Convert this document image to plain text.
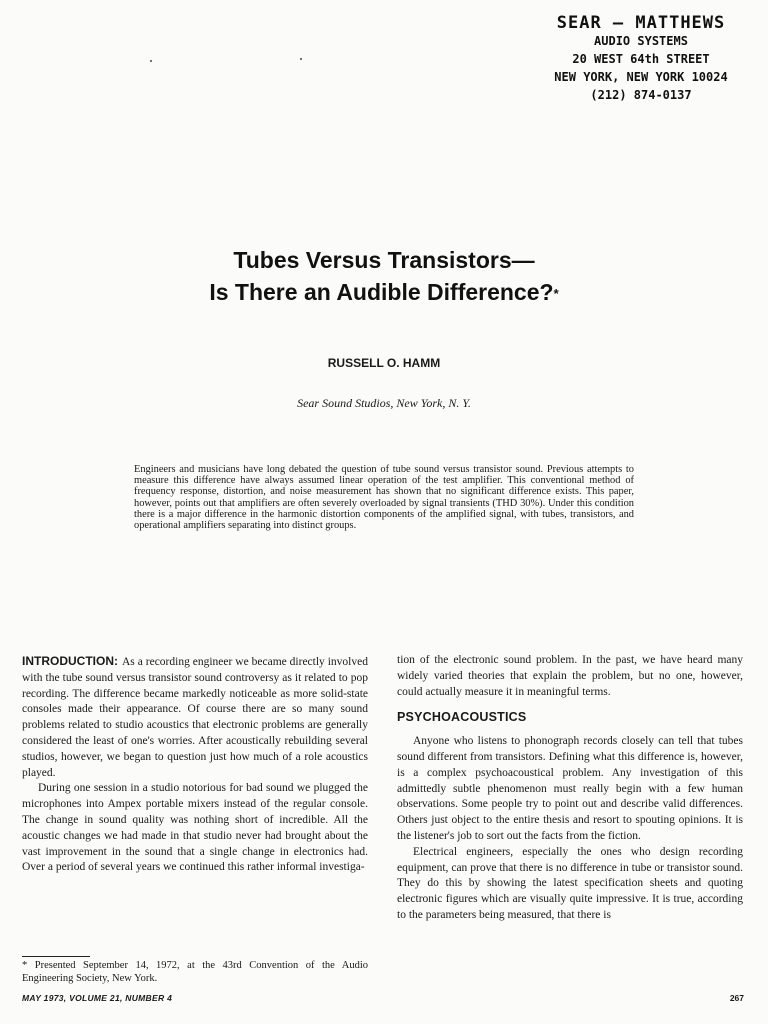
SEAR — MATTHEWS
AUDIO SYSTEMS
20 WEST 64th STREET
NEW YORK, NEW YORK 10024
(212) 874-0137
Tubes Versus Transistors—
Is There an Audible Difference?*
RUSSELL O. HAMM
Sear Sound Studios, New York, N. Y.

Engineers and musicians have long debated the question of tube sound versus transistor sound. Previous attempts to measure this difference have always assumed linear operation of the test amplifier. This conventional method of frequency response, distortion, and noise measurement has shown that no significant difference exists. This paper, however, points out that amplifiers are often severely overloaded by signal transients (THD 30%). Under this condition there is a major difference in the harmonic distortion components of the amplified signal, with tubes, transistors, and operational amplifiers separating into distinct groups.

INTRODUCTION: As a recording engineer we became directly involved with the tube sound versus transistor sound controversy as it related to pop recording. The difference became markedly noticeable as more solid-state consoles made their appearance. Of course there are so many sound problems related to studio acoustics that electronic problems are generally considered the least of one's worries. After acoustically rebuilding several studios, however, we began to question just how much of a role acoustics played.

During one session in a studio notorious for bad sound we plugged the microphones into Ampex portable mixers instead of the regular console. The change in sound quality was nothing short of incredible. All the acoustic changes we had made in that studio never had brought about the vast improvement in the sound that a single change in electronics had. Over a period of several years we continued this rather informal investiga-

tion of the electronic sound problem. In the past, we have heard many widely varied theories that explain the problem, but no one, however, could actually measure it in meaningful terms.

PSYCHOACOUSTICS

Anyone who listens to phonograph records closely can tell that tubes sound different from transistors. Defining what this difference is, however, is a complex psychoacoustical problem. Any investigation of this admittedly subtle phenomenon must really begin with a few human observations. Some people try to point out and describe valid differences. Others just object to the entire thesis and resort to spouting opinions. It is the listener's job to sort out the facts from the fiction.

Electrical engineers, especially the ones who design recording equipment, can prove that there is no difference in tube or transistor sound. They do this by showing the latest specification sheets and quoting electronic figures which are visually quite impressive. It is true, according to the parameters being measured, that there is

* Presented September 14, 1972, at the 43rd Convention of the Audio Engineering Society, New York.

MAY 1973, VOLUME 21, NUMBER 4	267
